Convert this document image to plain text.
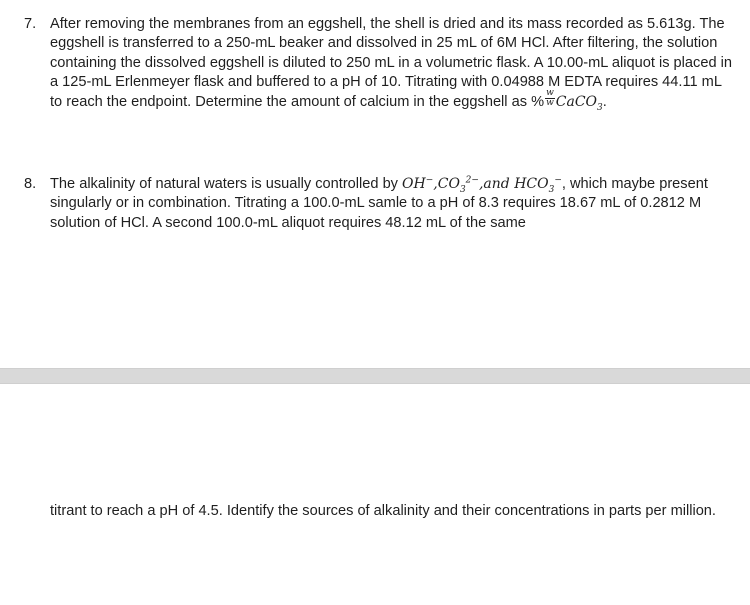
7. After removing the membranes from an eggshell, the shell is dried and its mass recorded as 5.613g. The eggshell is transferred to a 250-mL beaker and dissolved in 25 mL of 6M HCl. After filtering, the solution containing the dissolved eggshell is diluted to 250 mL in a volumetric flask. A 10.00-mL aliquot is placed in a 125-mL Erlenmeyer flask and buffered to a pH of 10. Titrating with 0.04988 M EDTA requires 44.11 mL to reach the endpoint. Determine the amount of calcium in the eggshell as % $\frac{w}{w}$ CaCO$_3$.
8. The alkalinity of natural waters is usually controlled by $OH^-,CO_3^{2-},and$ $HCO_3^-$, which maybe present singularly or in combination. Titrating a 100.0-mL samle to a pH of 8.3 requires 18.67 mL of 0.2812 M solution of HCl. A second 100.0-mL aliquot requires 48.12 mL of the same
titrant to reach a pH of 4.5. Identify the sources of alkalinity and their concentrations in parts per million.
